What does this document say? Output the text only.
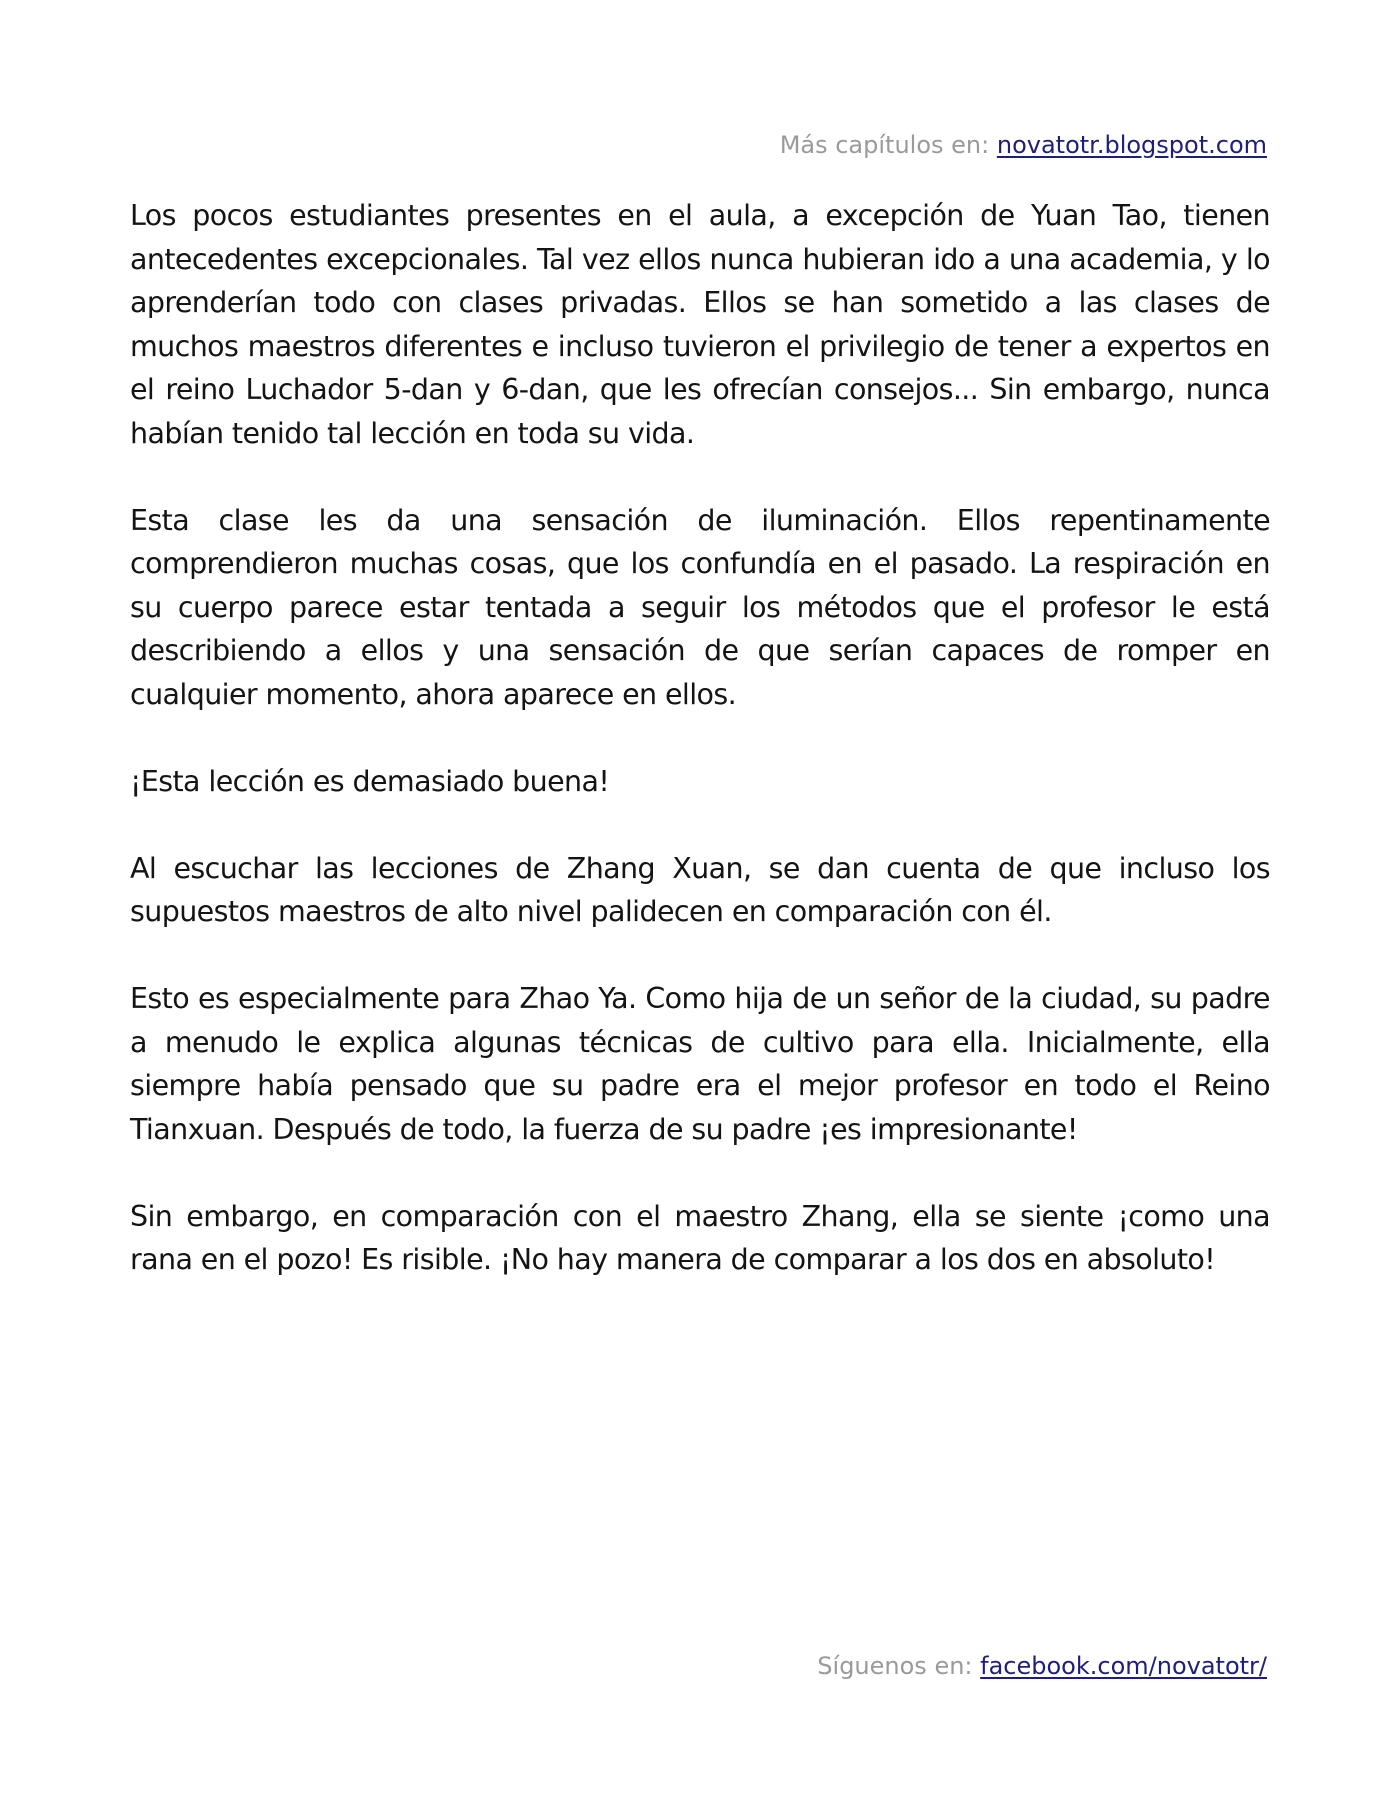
Más capítulos en: novatotr.blogspot.com

Los pocos estudiantes presentes en el aula, a excepción de Yuan Tao, tienen antecedentes excepcionales. Tal vez ellos nunca hubieran ido a una academia, y lo aprenderían todo con clases privadas. Ellos se han sometido a las clases de muchos maestros diferentes e incluso tuvieron el privilegio de tener a expertos en el reino Luchador 5-dan y 6-dan, que les ofrecían consejos... Sin embargo, nunca habían tenido tal lección en toda su vida.

Esta clase les da una sensación de iluminación. Ellos repentinamente comprendieron muchas cosas, que los confundía en el pasado. La respiración en su cuerpo parece estar tentada a seguir los métodos que el profesor le está describiendo a ellos y una sensación de que serían capaces de romper en cualquier momento, ahora aparece en ellos.

¡Esta lección es demasiado buena!

Al escuchar las lecciones de Zhang Xuan, se dan cuenta de que incluso los supuestos maestros de alto nivel palidecen en comparación con él.

Esto es especialmente para Zhao Ya. Como hija de un señor de la ciudad, su padre a menudo le explica algunas técnicas de cultivo para ella. Inicialmente, ella siempre había pensado que su padre era el mejor profesor en todo el Reino Tianxuan. Después de todo, la fuerza de su padre ¡es impresionante!

Sin embargo, en comparación con el maestro Zhang, ella se siente ¡como una rana en el pozo! Es risible. ¡No hay manera de comparar a los dos en absoluto!

Síguenos en: facebook.com/novatotr/
